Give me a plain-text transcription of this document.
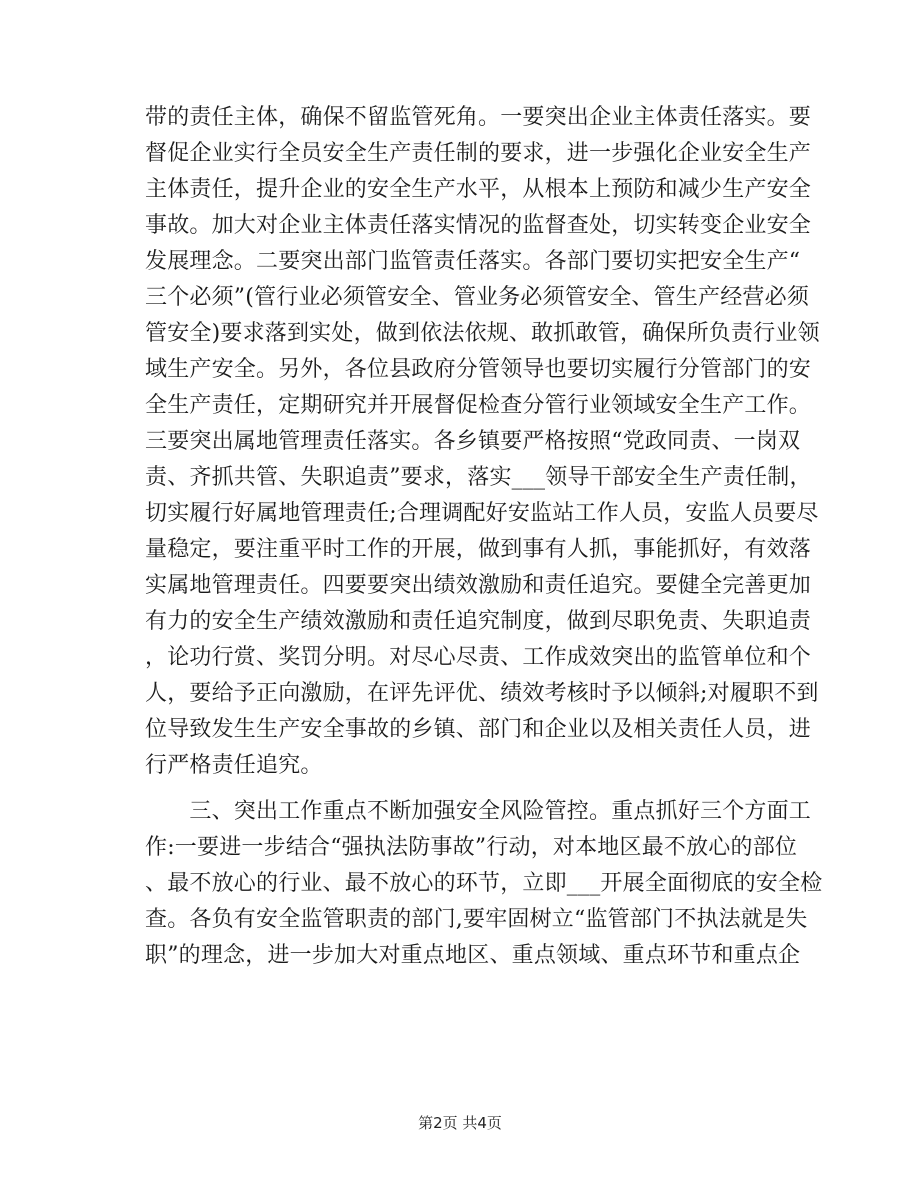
带的责任主体，确保不留监管死角。一要突出企业主体责任落实。要
督促企业实行全员安全生产责任制的要求，进一步强化企业安全生产
主体责任，提升企业的安全生产水平，从根本上预防和减少生产安全
事故。加大对企业主体责任落实情况的监督查处，切实转变企业安全
发展理念。二要突出部门监管责任落实。各部门要切实把安全生产“
三个必须”(管行业必须管安全、管业务必须管安全、管生产经营必须
管安全)要求落到实处，做到依法依规、敢抓敢管，确保所负责行业领
域生产安全。另外，各位县政府分管领导也要切实履行分管部门的安
全生产责任，定期研究并开展督促检查分管行业领域安全生产工作。
三要突出属地管理责任落实。各乡镇要严格按照“党政同责、一岗双
责、齐抓共管、失职追责”要求，落实___领导干部安全生产责任制，
切实履行好属地管理责任;合理调配好安监站工作人员，安监人员要尽
量稳定，要注重平时工作的开展，做到事有人抓，事能抓好，有效落
实属地管理责任。四要要突出绩效激励和责任追究。要健全完善更加
有力的安全生产绩效激励和责任追究制度，做到尽职免责、失职追责
，论功行赏、奖罚分明。对尽心尽责、工作成效突出的监管单位和个
人，要给予正向激励，在评先评优、绩效考核时予以倾斜;对履职不到
位导致发生生产安全事故的乡镇、部门和企业以及相关责任人员，进
行严格责任追究。
　　三、突出工作重点不断加强安全风险管控。重点抓好三个方面工
作:一要进一步结合“强执法防事故”行动，对本地区最不放心的部位
、最不放心的行业、最不放心的环节，立即___开展全面彻底的安全检
查。各负有安全监管职责的部门,要牢固树立“监管部门不执法就是失
职”的理念，进一步加大对重点地区、重点领域、重点环节和重点企
第2页 共4页
